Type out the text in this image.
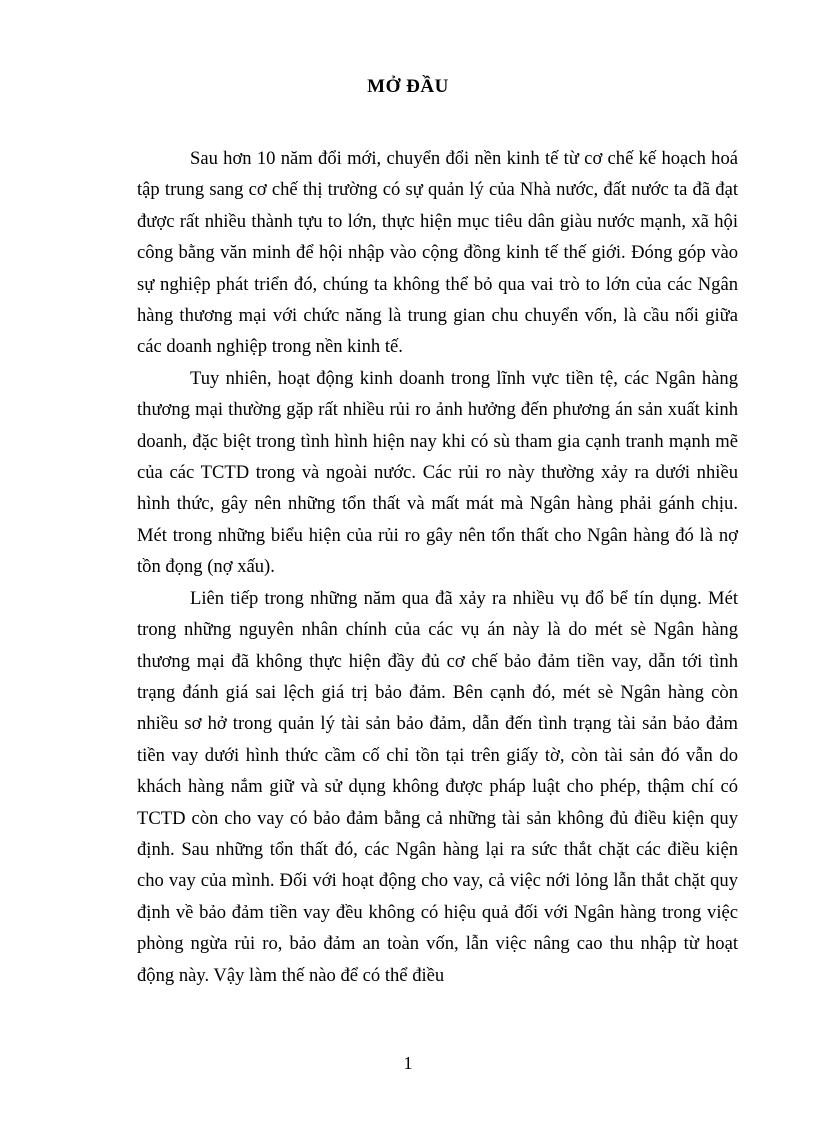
MỞ ĐẦU

Sau hơn 10 năm đổi mới, chuyển đổi nền kinh tế từ cơ chế kế hoạch hoá tập trung sang cơ chế thị trường có sự quản lý của Nhà nước, đất nước ta đã đạt được rất nhiều thành tựu to lớn, thực hiện mục tiêu dân giàu nước mạnh, xã hội công bằng văn minh để hội nhập vào cộng đồng kinh tế thế giới. Đóng góp vào sự nghiệp phát triển đó, chúng ta không thể bỏ qua vai trò to lớn của các Ngân hàng thương mại với chức năng là trung gian chu chuyển vốn, là cầu nối giữa các doanh nghiệp trong nền kinh tế.

Tuy nhiên, hoạt động kinh doanh trong lĩnh vực tiền tệ, các Ngân hàng thương mại thường gặp rất nhiều rủi ro ảnh hưởng đến phương án sản xuất kinh doanh, đặc biệt trong tình hình hiện nay khi có sù tham gia cạnh tranh mạnh mẽ của các TCTD trong và ngoài nước. Các rủi ro này thường xảy ra dưới nhiều hình thức, gây nên những tổn thất và mất mát mà Ngân hàng phải gánh chịu. Mét trong những biểu hiện của rủi ro gây nên tổn thất cho Ngân hàng đó là nợ tồn đọng (nợ xấu).

Liên tiếp trong những năm qua đã xảy ra nhiều vụ đổ bể tín dụng. Mét trong những nguyên nhân chính của các vụ án này là do mét sè Ngân hàng thương mại đã không thực hiện đầy đủ cơ chế bảo đảm tiền vay, dẫn tới tình trạng đánh giá sai lệch giá trị bảo đảm. Bên cạnh đó, mét sè Ngân hàng còn nhiều sơ hở trong quản lý tài sản bảo đảm, dẫn đến tình trạng tài sản bảo đảm tiền vay dưới hình thức cầm cố chỉ tồn tại trên giấy tờ, còn tài sản đó vẫn do khách hàng nắm giữ và sử dụng không được pháp luật cho phép, thậm chí có TCTD còn cho vay có bảo đảm bằng cả những tài sản không đủ điều kiện quy định. Sau những tổn thất đó, các Ngân hàng lại ra sức thắt chặt các điều kiện cho vay của mình. Đối với hoạt động cho vay, cả việc nới lỏng lẫn thắt chặt quy định về bảo đảm tiền vay đều không có hiệu quả đối với Ngân hàng trong việc phòng ngừa rủi ro, bảo đảm an toàn vốn, lẫn việc nâng cao thu nhập từ hoạt động này. Vậy làm thế nào để có thể điều

1
